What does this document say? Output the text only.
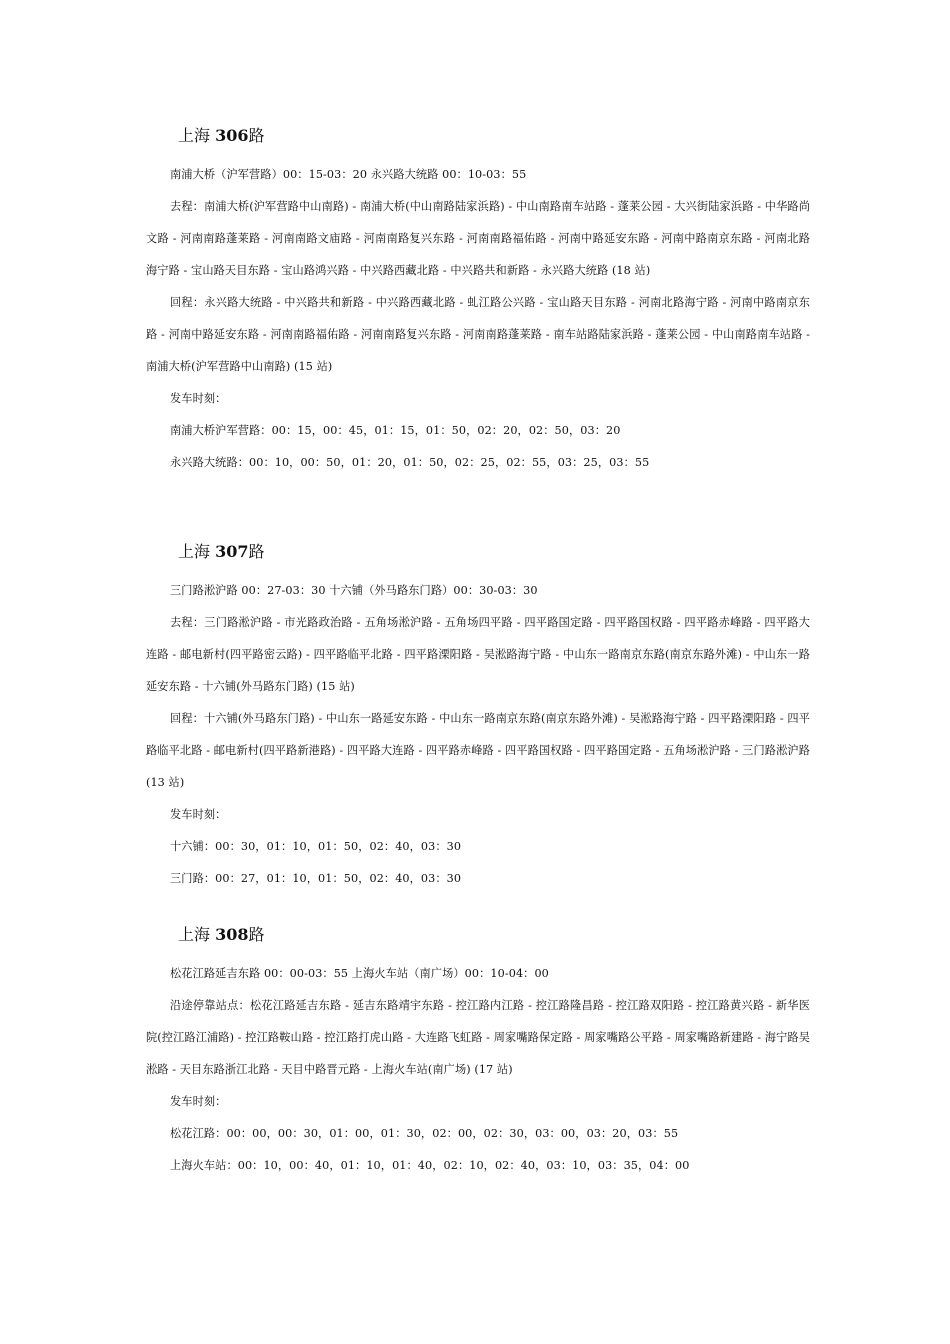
上海 306路

南浦大桥（沪军营路）00：15-03：20 永兴路大统路 00：10-03：55

去程：南浦大桥(沪军营路中山南路) - 南浦大桥(中山南路陆家浜路) - 中山南路南车站路 - 蓬莱公园 - 大兴街陆家浜路 - 中华路尚文路 - 河南南路蓬莱路 - 河南南路文庙路 - 河南南路复兴东路 - 河南南路福佑路 - 河南中路延安东路 - 河南中路南京东路 - 河南北路海宁路 - 宝山路天目东路 - 宝山路鸿兴路 - 中兴路西藏北路 - 中兴路共和新路 - 永兴路大统路 (18 站)

回程：永兴路大统路 - 中兴路共和新路 - 中兴路西藏北路 - 虬江路公兴路 - 宝山路天目东路 - 河南北路海宁路 - 河南中路南京东路 - 河南中路延安东路 - 河南南路福佑路 - 河南南路复兴东路 - 河南南路蓬莱路 - 南车站路陆家浜路 - 蓬莱公园 - 中山南路南车站路 - 南浦大桥(沪军营路中山南路) (15 站)

发车时刻：

南浦大桥沪军营路：00：15，00：45，01：15，01：50，02：20，02：50，03：20

永兴路大统路：00：10，00：50，01：20，01：50，02：25，02：55，03：25，03：55

上海 307路

三门路淞沪路 00：27-03：30 十六铺（外马路东门路）00：30-03：30

去程：三门路淞沪路 - 市光路政治路 - 五角场淞沪路 - 五角场四平路 - 四平路国定路 - 四平路国权路 - 四平路赤峰路 - 四平路大连路 - 邮电新村(四平路密云路) - 四平路临平北路 - 四平路溧阳路 - 吴淞路海宁路 - 中山东一路南京东路(南京东路外滩) - 中山东一路延安东路 - 十六铺(外马路东门路) (15 站)

回程：十六铺(外马路东门路) - 中山东一路延安东路 - 中山东一路南京东路(南京东路外滩) - 吴淞路海宁路 - 四平路溧阳路 - 四平路临平北路 - 邮电新村(四平路新港路) - 四平路大连路 - 四平路赤峰路 - 四平路国权路 - 四平路国定路 - 五角场淞沪路 - 三门路淞沪路 (13 站)

发车时刻：

十六铺：00：30，01：10，01：50，02：40，03：30

三门路：00：27，01：10，01：50，02：40，03：30

上海 308路

松花江路延吉东路 00：00-03：55 上海火车站（南广场）00：10-04：00

沿途停靠站点：松花江路延吉东路 - 延吉东路靖宇东路 - 控江路内江路 - 控江路隆昌路 - 控江路双阳路 - 控江路黄兴路 - 新华医院(控江路江浦路) - 控江路鞍山路 - 控江路打虎山路 - 大连路飞虹路 - 周家嘴路保定路 - 周家嘴路公平路 - 周家嘴路新建路 - 海宁路吴淞路 - 天目东路浙江北路 - 天目中路晋元路 - 上海火车站(南广场) (17 站)

发车时刻：

松花江路：00：00，00：30，01：00，01：30，02：00，02：30，03：00，03：20，03：55

上海火车站：00：10，00：40，01：10，01：40，02：10，02：40，03：10，03：35，04：00
